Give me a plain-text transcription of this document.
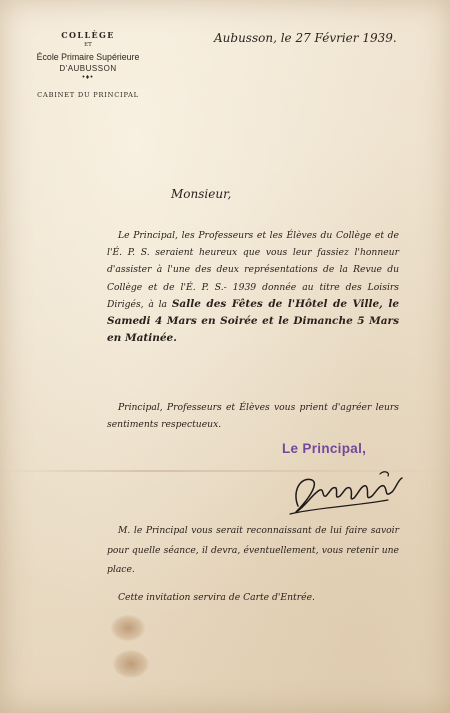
COLLÈGE
ET
École Primaire Supérieure
D'AUBUSSON
•♦•
CABINET DU PRINCIPAL
Aubusson, le 27 Février 1939.
Monsieur,
Le Principal, les Professeurs et les Élèves du Collège et de l'É. P. S. seraient heureux que vous leur fassiez l'honneur d'assister à l'une des deux représentations de la Revue du Collège et de l'É. P. S.- 1939 donnée au titre des Loisirs Dirigés, à la Salle des Fêtes de l'Hôtel de Ville, le Samedi 4 Mars en Soirée et le Dimanche 5 Mars en Matinée.
Principal, Professeurs et Élèves vous prient d'agréer leurs sentiments respectueux.
Le Principal,
M. le Principal vous serait reconnaissant de lui faire savoir pour quelle séance, il devra, éventuellement, vous retenir une place.
Cette invitation servira de Carte d'Entrée.
